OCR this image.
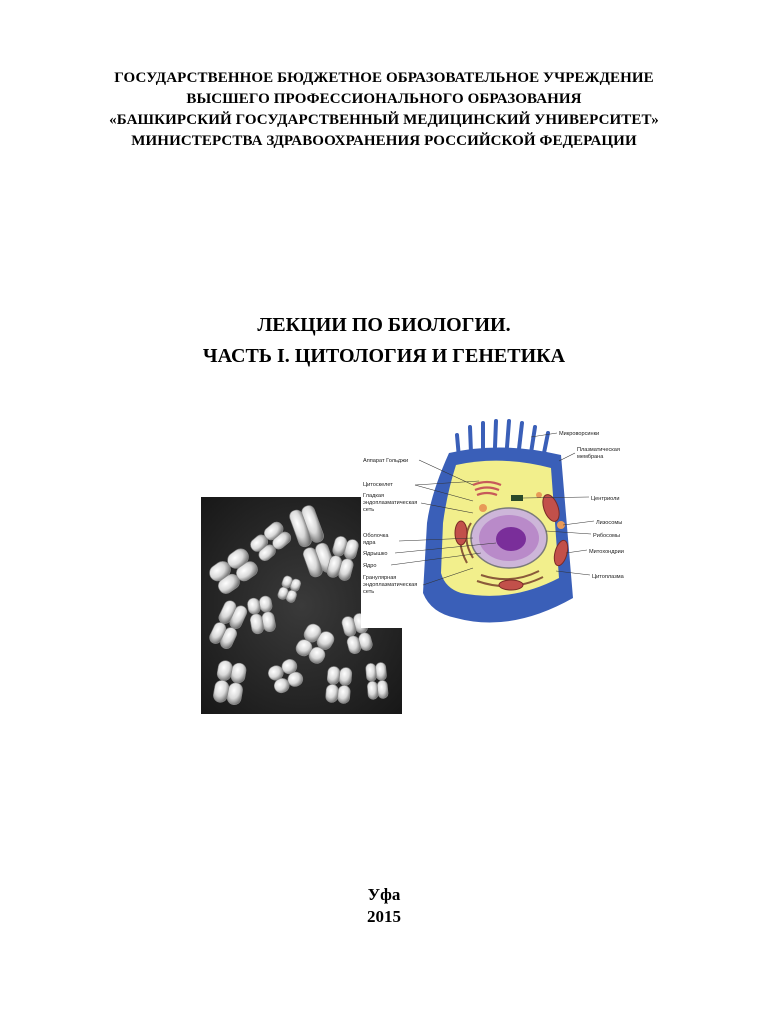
ГОСУДАРСТВЕННОЕ БЮДЖЕТНОЕ ОБРАЗОВАТЕЛЬНОЕ УЧРЕЖДЕНИЕ
ВЫСШЕГО ПРОФЕССИОНАЛЬНОГО ОБРАЗОВАНИЯ
«БАШКИРСКИЙ ГОСУДАРСТВЕННЫЙ МЕДИЦИНСКИЙ УНИВЕРСИТЕТ»
МИНИСТЕРСТВА ЗДРАВООХРАНЕНИЯ РОССИЙСКОЙ ФЕДЕРАЦИИ
ЛЕКЦИИ ПО БИОЛОГИИ.
ЧАСТЬ I. ЦИТОЛОГИЯ И ГЕНЕТИКА
Аппарат Гольджи
Цитоскелет
Гладкая
эндоплазматическая
сеть
Оболочка
ядра
Ядрышко
Ядро
Гранулярная
эндоплазматическая
сеть
Микроворсинки
Плазматическая
мембрана
Центриоли
Лизосомы
Рибосомы
Митохондрии
Цитоплазма
Уфа
2015
